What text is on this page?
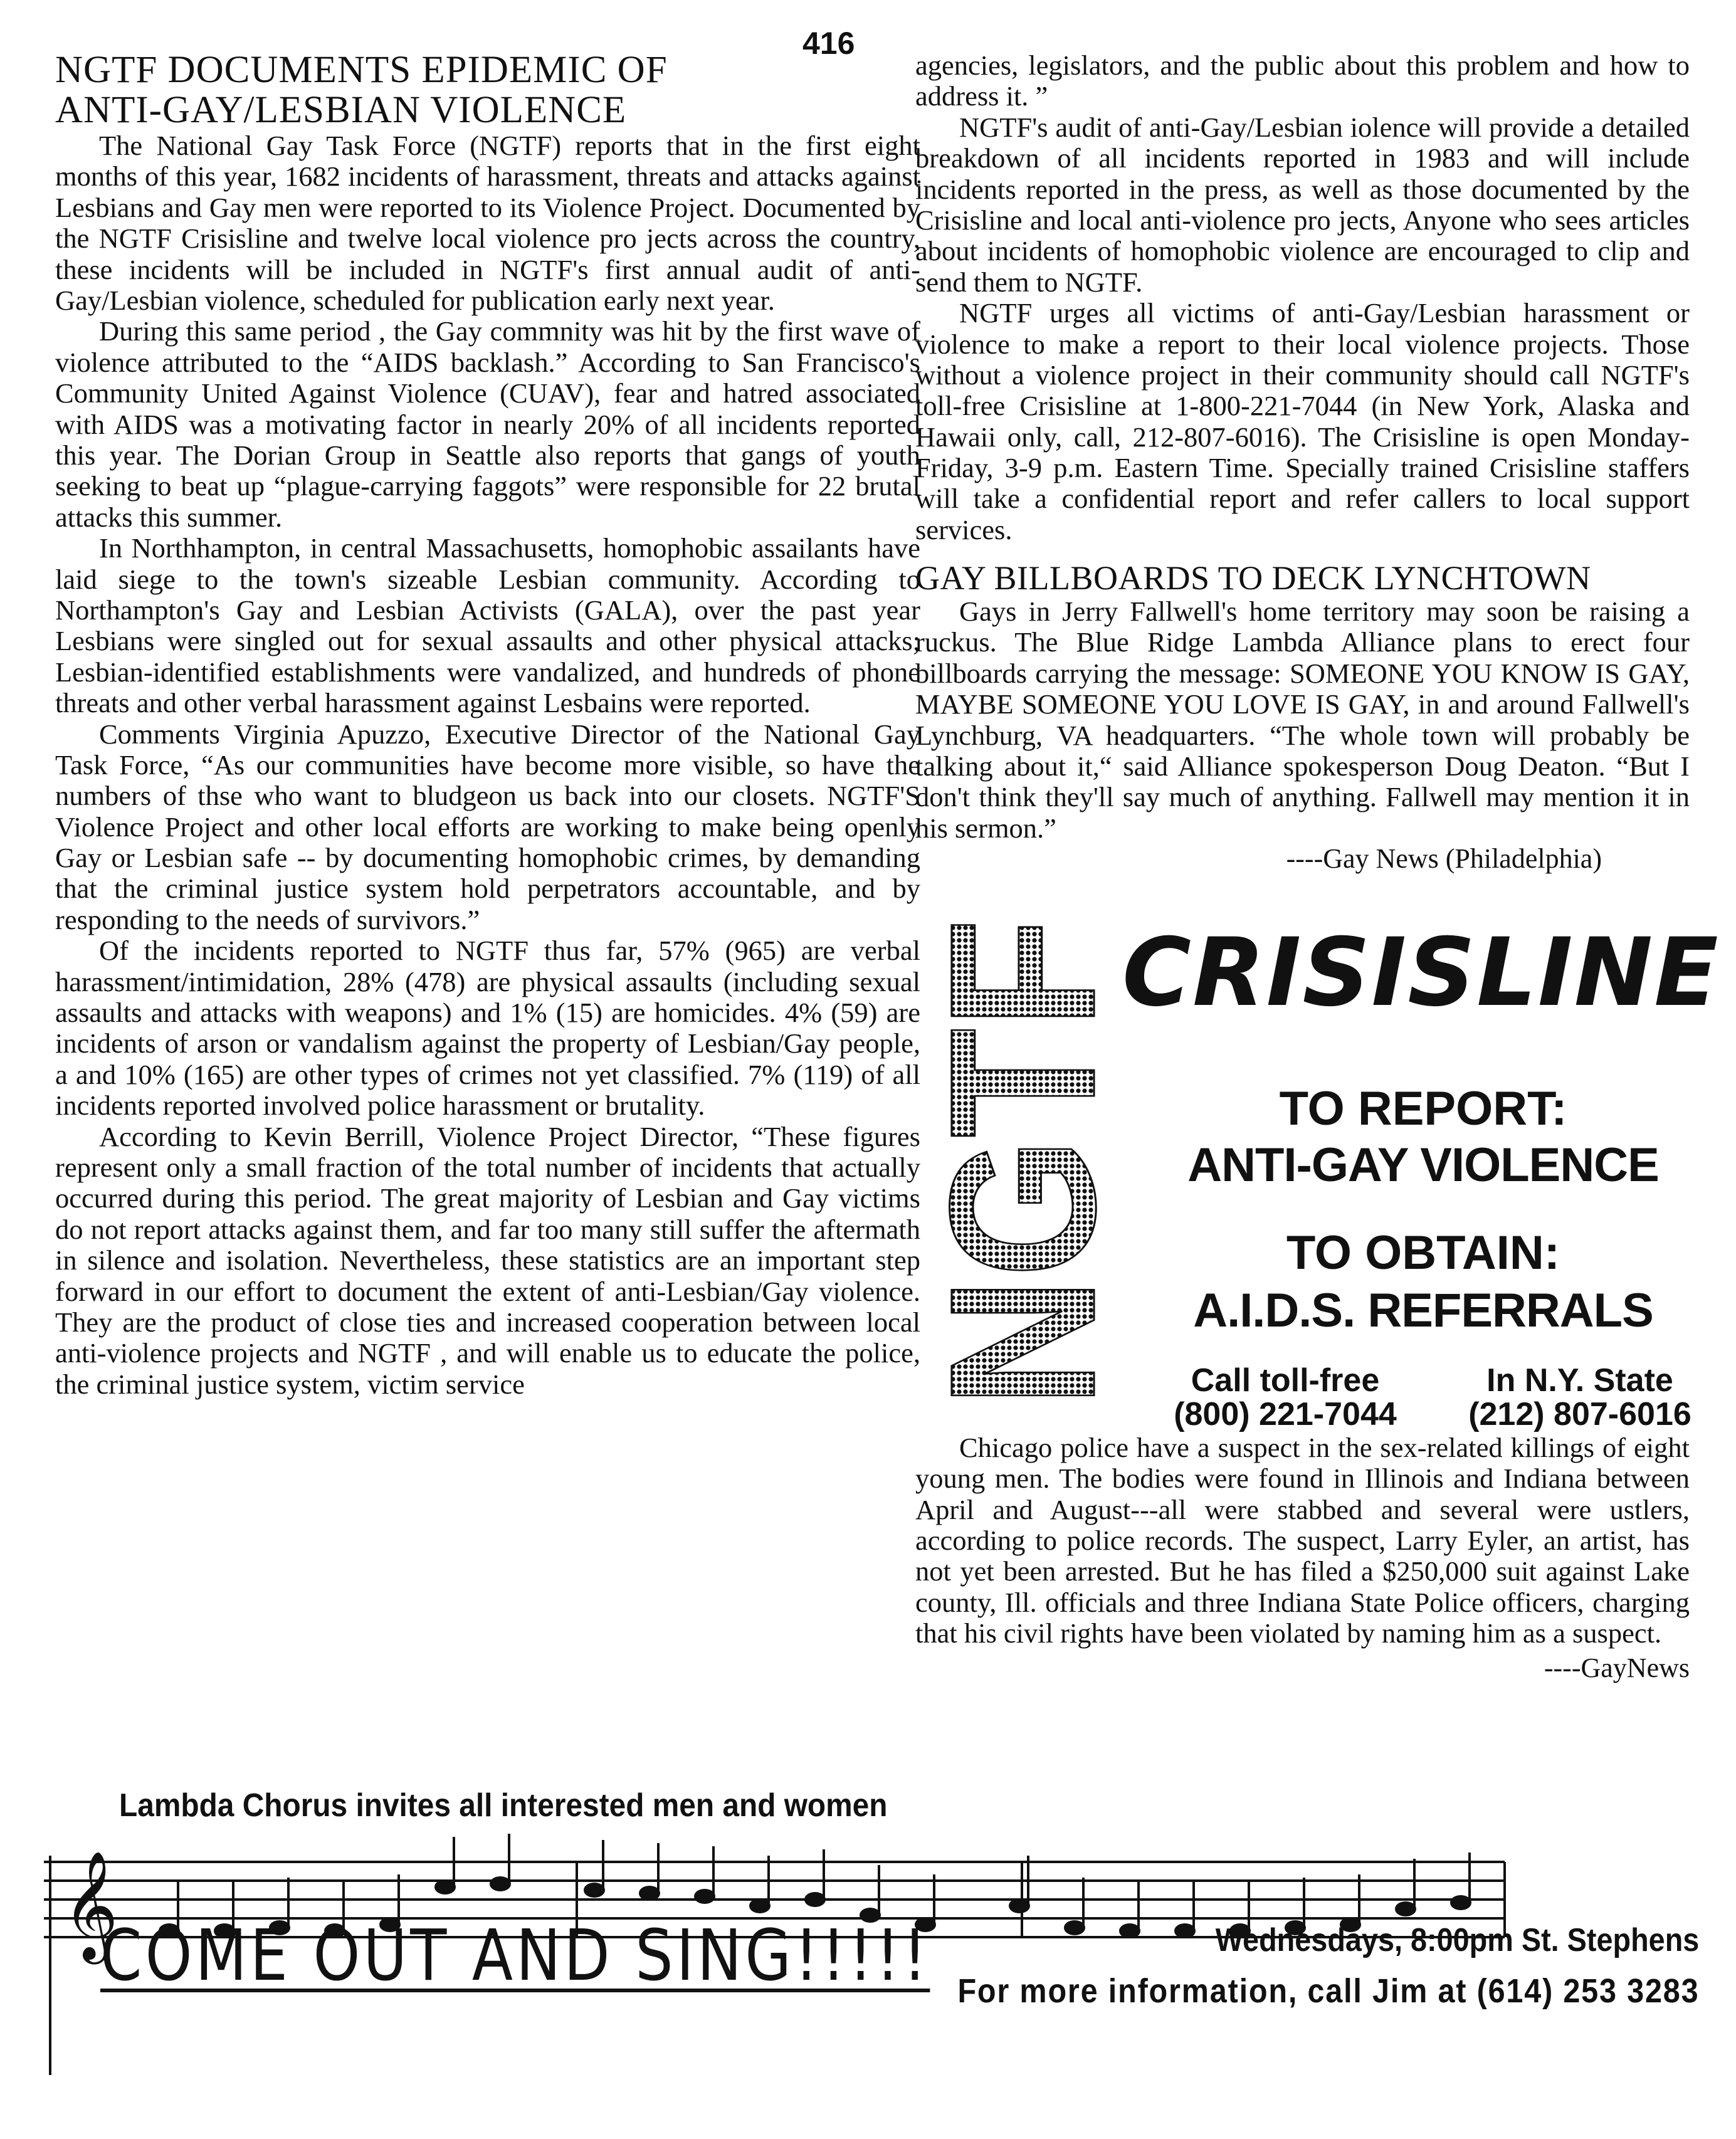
416
NGTF DOCUMENTS EPIDEMIC OF
ANTI-GAY/LESBIAN VIOLENCE

The National Gay Task Force (NGTF) reports that in the first eight months of this year, 1682 incidents of harassment, threats and attacks against Lesbians and Gay men were reported to its Violence Project. Documented by the NGTF Crisisline and twelve local violence pro jects across the country, these incidents will be included in NGTF's first annual audit of anti-Gay/Lesbian violence, scheduled for publication early next year.

During this same period , the Gay commnity was hit by the first wave of violence attributed to the “AIDS backlash.” According to San Francisco's Community United Against Violence (CUAV), fear and hatred associated with AIDS was a motivating factor in nearly 20% of all incidents reported this year. The Dorian Group in Seattle also reports that gangs of youth seeking to beat up “plague-carrying faggots” were responsible for 22 brutal attacks this summer.

In Northhampton, in central Massachusetts, homophobic assailants have laid siege to the town's sizeable Lesbian community. According to Northampton's Gay and Lesbian Activists (GALA), over the past year Lesbians were singled out for sexual assaults and other physical attacks; Lesbian-identified establishments were vandalized, and hundreds of phone threats and other verbal harassment against Lesbains were reported.

Comments Virginia Apuzzo, Executive Director of the National Gay Task Force, “As our communities have become more visible, so have the numbers of thse who want to bludgeon us back into our closets. NGTF'S Violence Project and other local efforts are working to make being openly Gay or Lesbian safe -- by documenting homophobic crimes, by demanding that the criminal justice system hold perpetrators accountable, and by responding to the needs of survivors.”

Of the incidents reported to NGTF thus far, 57% (965) are verbal harassment/intimidation, 28% (478) are physical assaults (including sexual assaults and attacks with weapons) and 1% (15) are homicides. 4% (59) are incidents of arson or vandalism against the property of Lesbian/Gay people, a and 10% (165) are other types of crimes not yet classified. 7% (119) of all incidents reported involved police harassment or brutality.

According to Kevin Berrill, Violence Project Director, “These figures represent only a small fraction of the total number of incidents that actually occurred during this period. The great majority of Lesbian and Gay victims do not report attacks against them, and far too many still suffer the aftermath in silence and isolation. Nevertheless, these statistics are an important step forward in our effort to document the extent of anti-Lesbian/Gay violence. They are the product of close ties and increased cooperation between local anti-violence projects and NGTF , and will enable us to educate the police, the criminal justice system, victim service

agencies, legislators, and the public about this problem and how to address it. ”

NGTF's audit of anti-Gay/Lesbian iolence will provide a detailed breakdown of all incidents reported in 1983 and will include incidents reported in the press, as well as those documented by the Crisisline and local anti-violence pro jects, Anyone who sees articles about incidents of homophobic violence are encouraged to clip and send them to NGTF.

NGTF urges all victims of anti-Gay/Lesbian harassment or violence to make a report to their local violence projects. Those without a violence project in their community should call NGTF's toll-free Crisisline at 1-800-221-7044 (in New York, Alaska and Hawaii only, call, 212-807-6016). The Crisisline is open Monday-Friday, 3-9 p.m. Eastern Time. Specially trained Crisisline staffers will take a confidential report and refer callers to local support services.

GAY BILLBOARDS TO DECK LYNCHTOWN

Gays in Jerry Fallwell's home territory may soon be raising a ruckus. The Blue Ridge Lambda Alliance plans to erect four billboards carrying the message: SOMEONE YOU KNOW IS GAY, MAYBE SOMEONE YOU LOVE IS GAY, in and around Fallwell's Lynchburg, VA headquarters. “The whole town will probably be talking about it,“ said Alliance spokesperson Doug Deaton. “But I don't think they'll say much of anything. Fallwell may mention it in his sermon.”

----Gay News (Philadelphia)

NGTF
CRISISLINE
TO REPORT:
ANTI-GAY VIOLENCE
TO OBTAIN:
A.I.D.S. REFERRALS
Call toll-free
(800) 221-7044
In N.Y. State
(212) 807-6016

Chicago police have a suspect in the sex-related killings of eight young men. The bodies were found in Illinois and Indiana between April and August---all were stabbed and several were ustlers, according to police records. The suspect, Larry Eyler, an artist, has not yet been arrested. But he has filed a $250,000 suit against Lake county, Ill. officials and three Indiana State Police officers, charging that his civil rights have been violated by naming him as a suspect.

----GayNews

Lambda Chorus invites all interested men and women
𝄞
COME OUT AND SING!!!!!	Wednesdays, 8:00pm St. Stephens
For more information, call Jim at (614) 253 3283
